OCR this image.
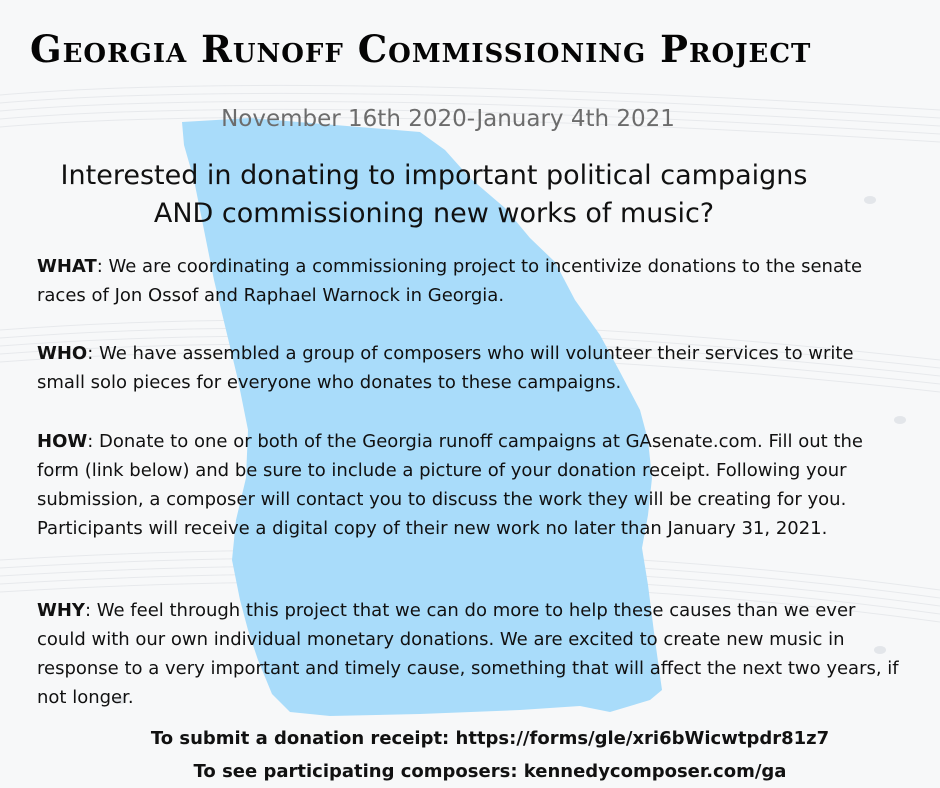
Georgia Runoff Commissioning Project
November 16th 2020-January 4th 2021
Interested in donating to important political campaigns
AND commissioning new works of music?
WHAT: We are coordinating a commissioning project to incentivize donations to the senate races of Jon Ossof and Raphael Warnock in Georgia.
WHO: We have assembled a group of composers who will volunteer their services to write small solo pieces for everyone who donates to these campaigns.
HOW: Donate to one or both of the Georgia runoff campaigns at GAsenate.com. Fill out the form (link below) and be sure to include a picture of your donation receipt. Following your submission, a composer will contact you to discuss the work they will be creating for you. Participants will receive a digital copy of their new work no later than January 31, 2021.
WHY: We feel through this project that we can do more to help these causes than we ever could with our own individual monetary donations. We are excited to create new music in response to a very important and timely cause, something that will affect the next two years, if not longer.
To submit a donation receipt: https://forms/gle/xri6bWicwtpdr81z7
To see participating composers: kennedycomposer.com/ga
